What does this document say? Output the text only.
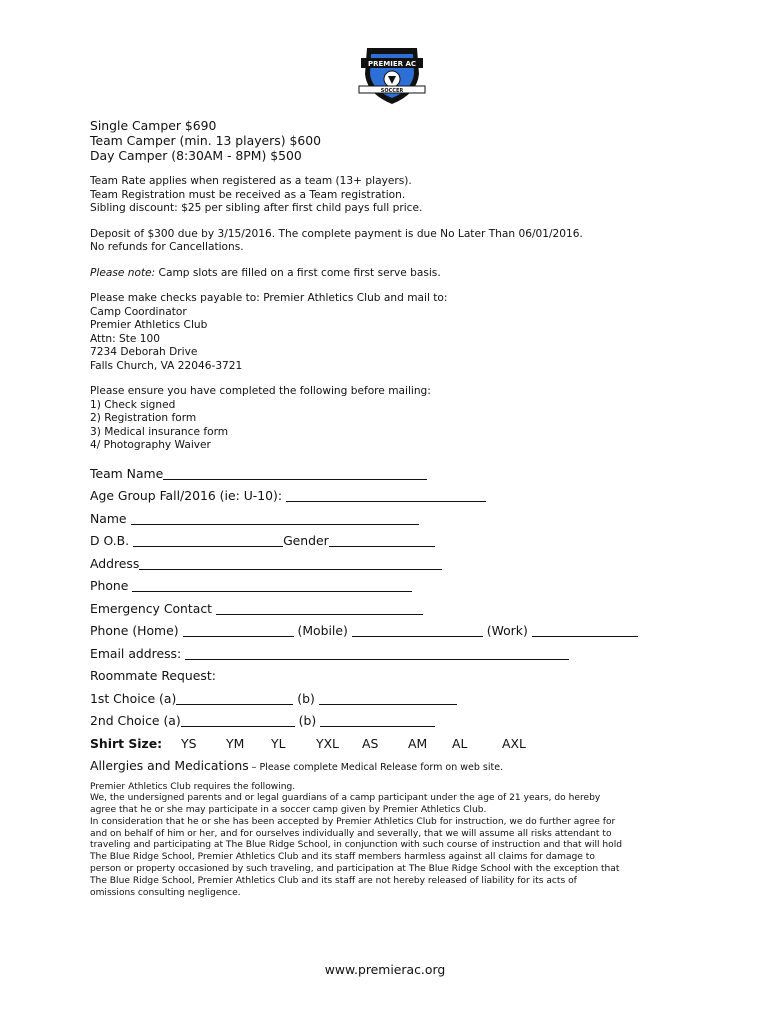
PREMIER AC
SOCCER
Single Camper $690
Team Camper (min. 13 players) $600
Day Camper (8:30AM - 8PM) $500
Team Rate applies when registered as a team (13+ players).
Team Registration must be received as a Team registration.
Sibling discount: $25 per sibling after first child pays full price.
Deposit of $300 due by 3/15/2016. The complete payment is due No Later Than 06/01/2016.
No refunds for Cancellations.
Please note: Camp slots are filled on a first come first serve basis.
Please make checks payable to: Premier Athletics Club and mail to:
Camp Coordinator
Premier Athletics Club
Attn: Ste 100
7234 Deborah Drive
Falls Church, VA 22046-3721
Please ensure you have completed the following before mailing:
1) Check signed
2) Registration form
3) Medical insurance form
4/ Photography Waiver
Team Name
Age Group Fall/2016 (ie: U-10):
Name
D O.B.	Gender
Address
Phone
Emergency Contact
Phone (Home)	(Mobile)	(Work)
Email address:
Roommate Request:
1st Choice (a)	(b)
2nd Choice (a)	(b)
Shirt Size: YS YM YL YXL AS AM AL	AXL
Allergies and Medications – Please complete Medical Release form on web site.
Premier Athletics Club requires the following.
We, the undersigned parents and or legal guardians of a camp participant under the age of 21 years, do hereby
agree that he or she may participate in a soccer camp given by Premier Athletics Club.
In consideration that he or she has been accepted by Premier Athletics Club for instruction, we do further agree for
and on behalf of him or her, and for ourselves individually and severally, that we will assume all risks attendant to
traveling and participating at The Blue Ridge School, in conjunction with such course of instruction and that will hold
The Blue Ridge School, Premier Athletics Club and its staff members harmless against all claims for damage to
person or property occasioned by such traveling, and participation at The Blue Ridge School with the exception that
The Blue Ridge School, Premier Athletics Club and its staff are not hereby released of liability for its acts of
omissions consulting negligence.
www.premierac.org
